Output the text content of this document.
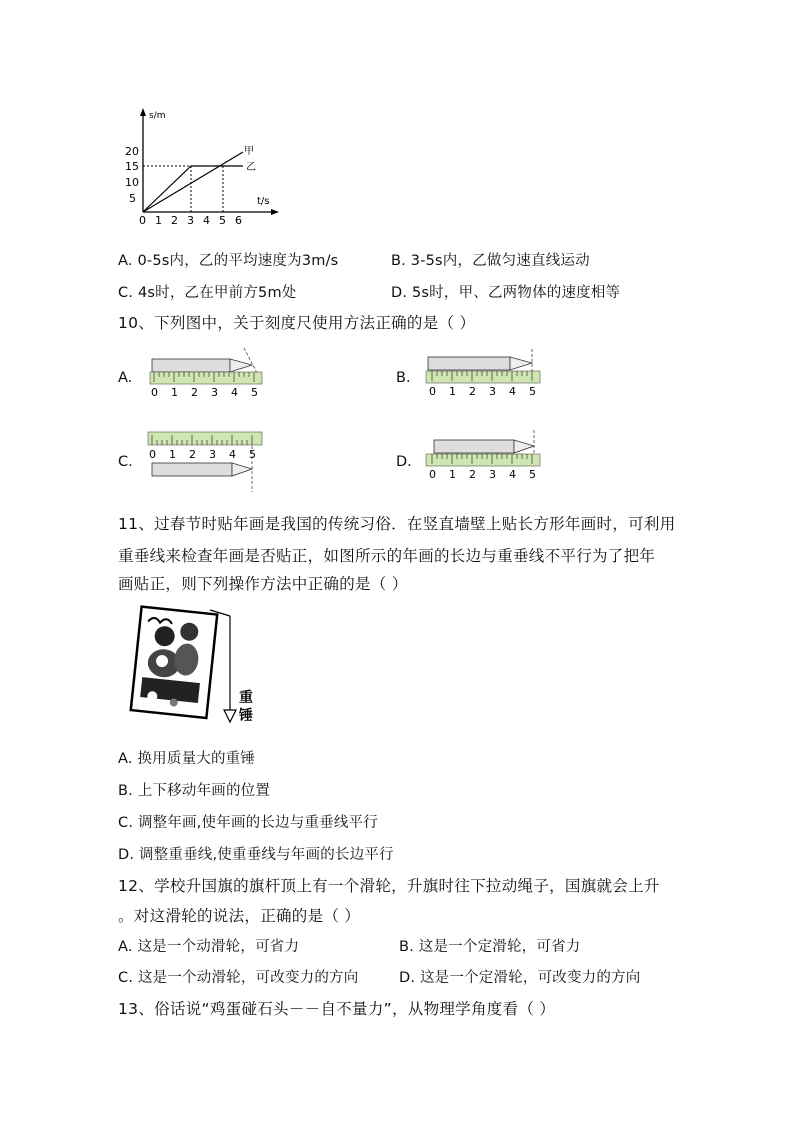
s/m
t/s
20
15
10
5
0 1 2 3 4 5 6
甲
乙
A. 0-5s内，乙的平均速度为3m/s	B. 3-5s内，乙做匀速直线运动
C. 4s时，乙在甲前方5m处	D. 5s时，甲、乙两物体的速度相等
10、下列图中，关于刻度尺使用方法正确的是（ ）
A.
0 1 2 3 4 5
B.
0 1 2 3 4 5
C. 0 1 2 3 4 5	D.
0 1 2 3 4 5
11、过春节时贴年画是我国的传统习俗．在竖直墙壁上贴长方形年画时，可利用
重垂线来检查年画是否贴正，如图所示的年画的长边与重垂线不平行为了把年
画贴正，则下列操作方法中正确的是（ ）
重
锤
A. 换用质量大的重锤
B. 上下移动年画的位置
C. 调整年画,使年画的长边与重垂线平行
D. 调整重垂线,使重垂线与年画的长边平行
12、学校升国旗的旗杆顶上有一个滑轮，升旗时往下拉动绳子，国旗就会上升
。对这滑轮的说法，正确的是（ ）
A. 这是一个动滑轮，可省力	B. 这是一个定滑轮，可省力
C. 这是一个动滑轮，可改变力的方向	D. 这是一个定滑轮，可改变力的方向
13、俗话说“鸡蛋碰石头－－自不量力”，从物理学角度看（ ）
